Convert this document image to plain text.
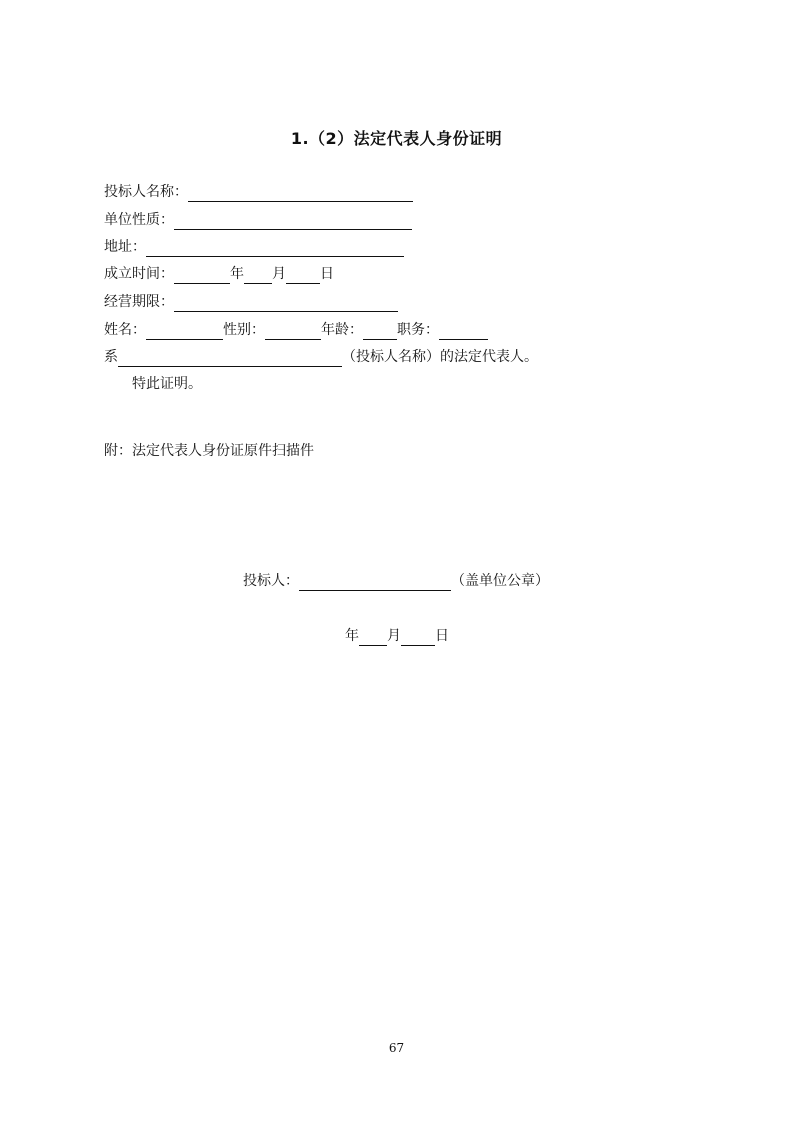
1.（2）法定代表人身份证明
投标人名称：
单位性质：
地址：
成立时间：	年 月 日
经营期限：
姓名：	性别：	年龄： 职务：
系	（投标人名称）的法定代表人。
特此证明。
附：法定代表人身份证原件扫描件
投标人：	（盖单位公章）
年 月 日
67
